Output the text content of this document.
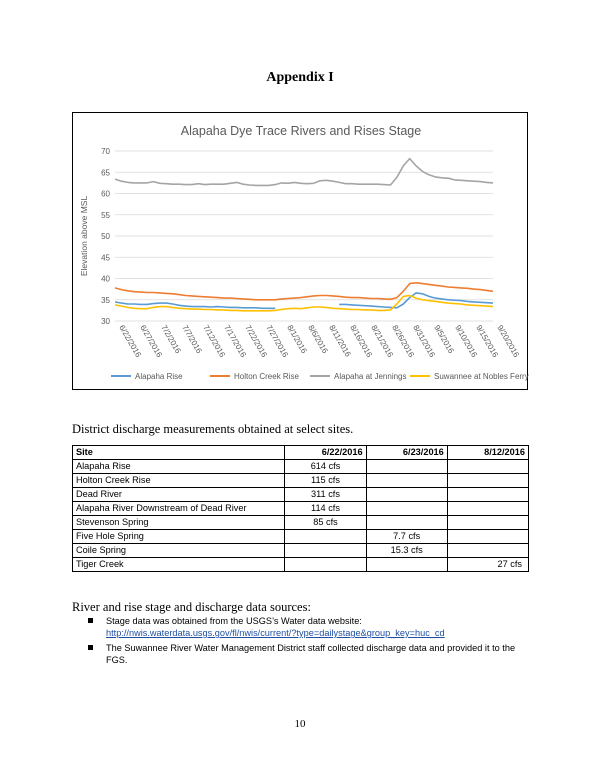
Appendix I
Alapaha Dye Trace Rivers and Rises Stage
70
65
60
55
50
45
40
35
30
Elevation above MSL
6/22/2016
6/27/2016
7/2/2016
7/7/2016
7/12/2016
7/17/2016
7/22/2016
7/27/2016
8/1/2016
8/6/2016
8/11/2016
8/16/2016
8/21/2016
8/26/2016
8/31/2016
9/5/2016
9/10/2016
9/15/2016
9/20/2016
Alapaha Rise	Holton Creek Rise	Alapaha at Jennings	Suwannee at Nobles Ferry
District discharge measurements obtained at select sites.
Site	6/22/2016	6/23/2016	8/12/2016
Alapaha Rise	614 cfs		
Holton Creek Rise	115 cfs		
Dead River	311 cfs		
Alapaha River Downstream of Dead River	114 cfs		
Stevenson Spring	85 cfs		
Five Hole Spring		7.7 cfs	
Coile Spring		15.3 cfs	
Tiger Creek			27 cfs
River and rise stage and discharge data sources:
Stage data was obtained from the USGS’s Water data website:
http://nwis.waterdata.usgs.gov/fl/nwis/current/?type=dailystage&group_key=huc_cd
The Suwannee River Water Management District staff collected discharge data and provided it to the FGS.
10
